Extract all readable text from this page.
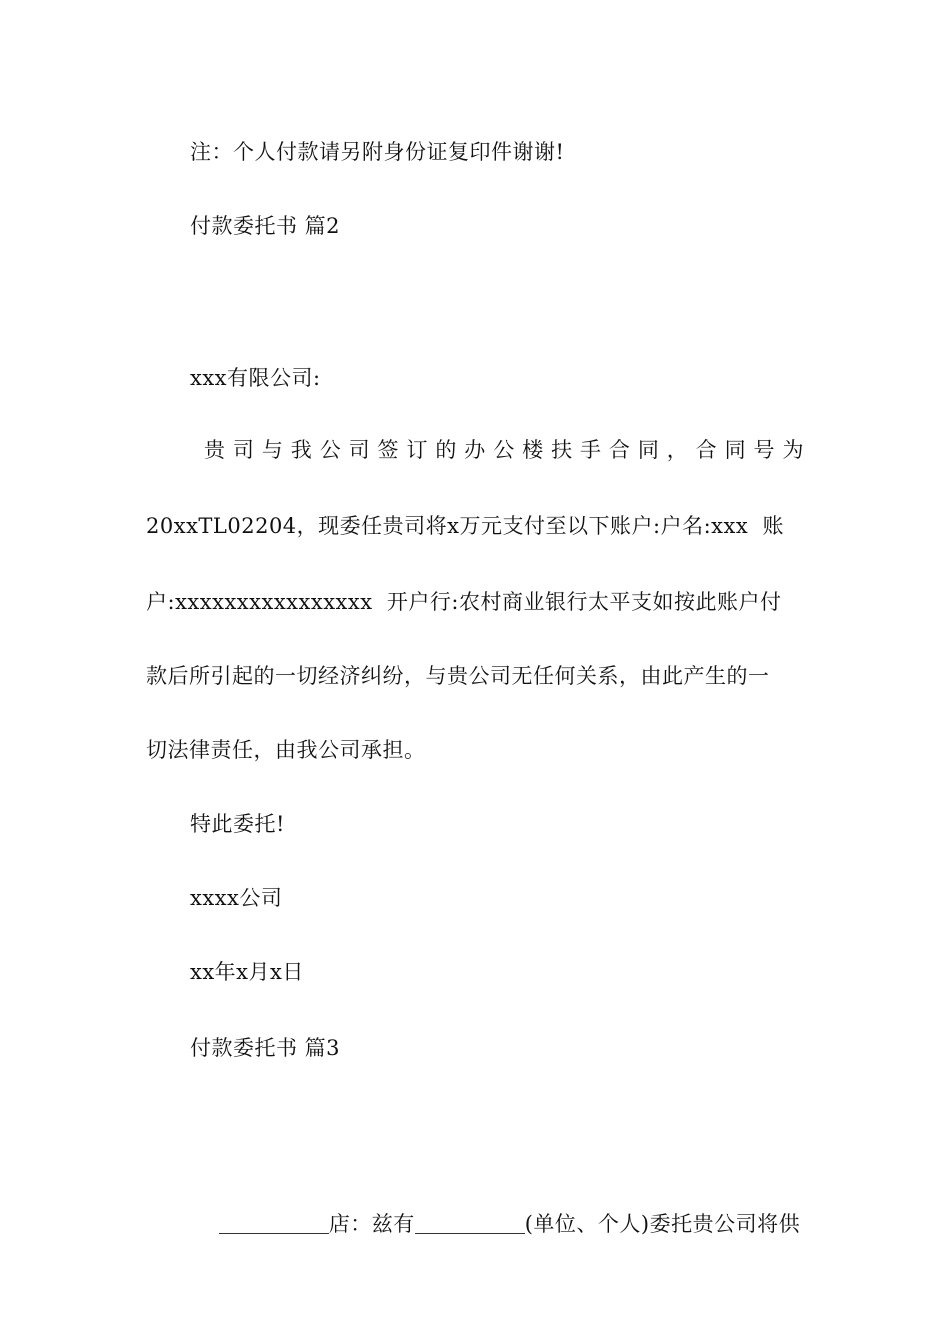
注：个人付款请另附身份证复印件谢谢!
付款委托书 篇2
xxx有限公司:
贵 司 与 我 公 司 签 订 的 办 公 楼 扶 手 合 同 ， 合 同 号 为
20xxTL02204，现委任贵司将x万元支付至以下账户:户名:xxx  账
户:xxxxxxxxxxxxxxxx  开户行:农村商业银行太平支如按此账户付
款后所引起的一切经济纠纷，与贵公司无任何关系，由此产生的一
切法律责任，由我公司承担。
特此委托!
xxxx公司
xx年x月x日
付款委托书 篇3

店：兹有	(单位、个人)委托贵公司将供
